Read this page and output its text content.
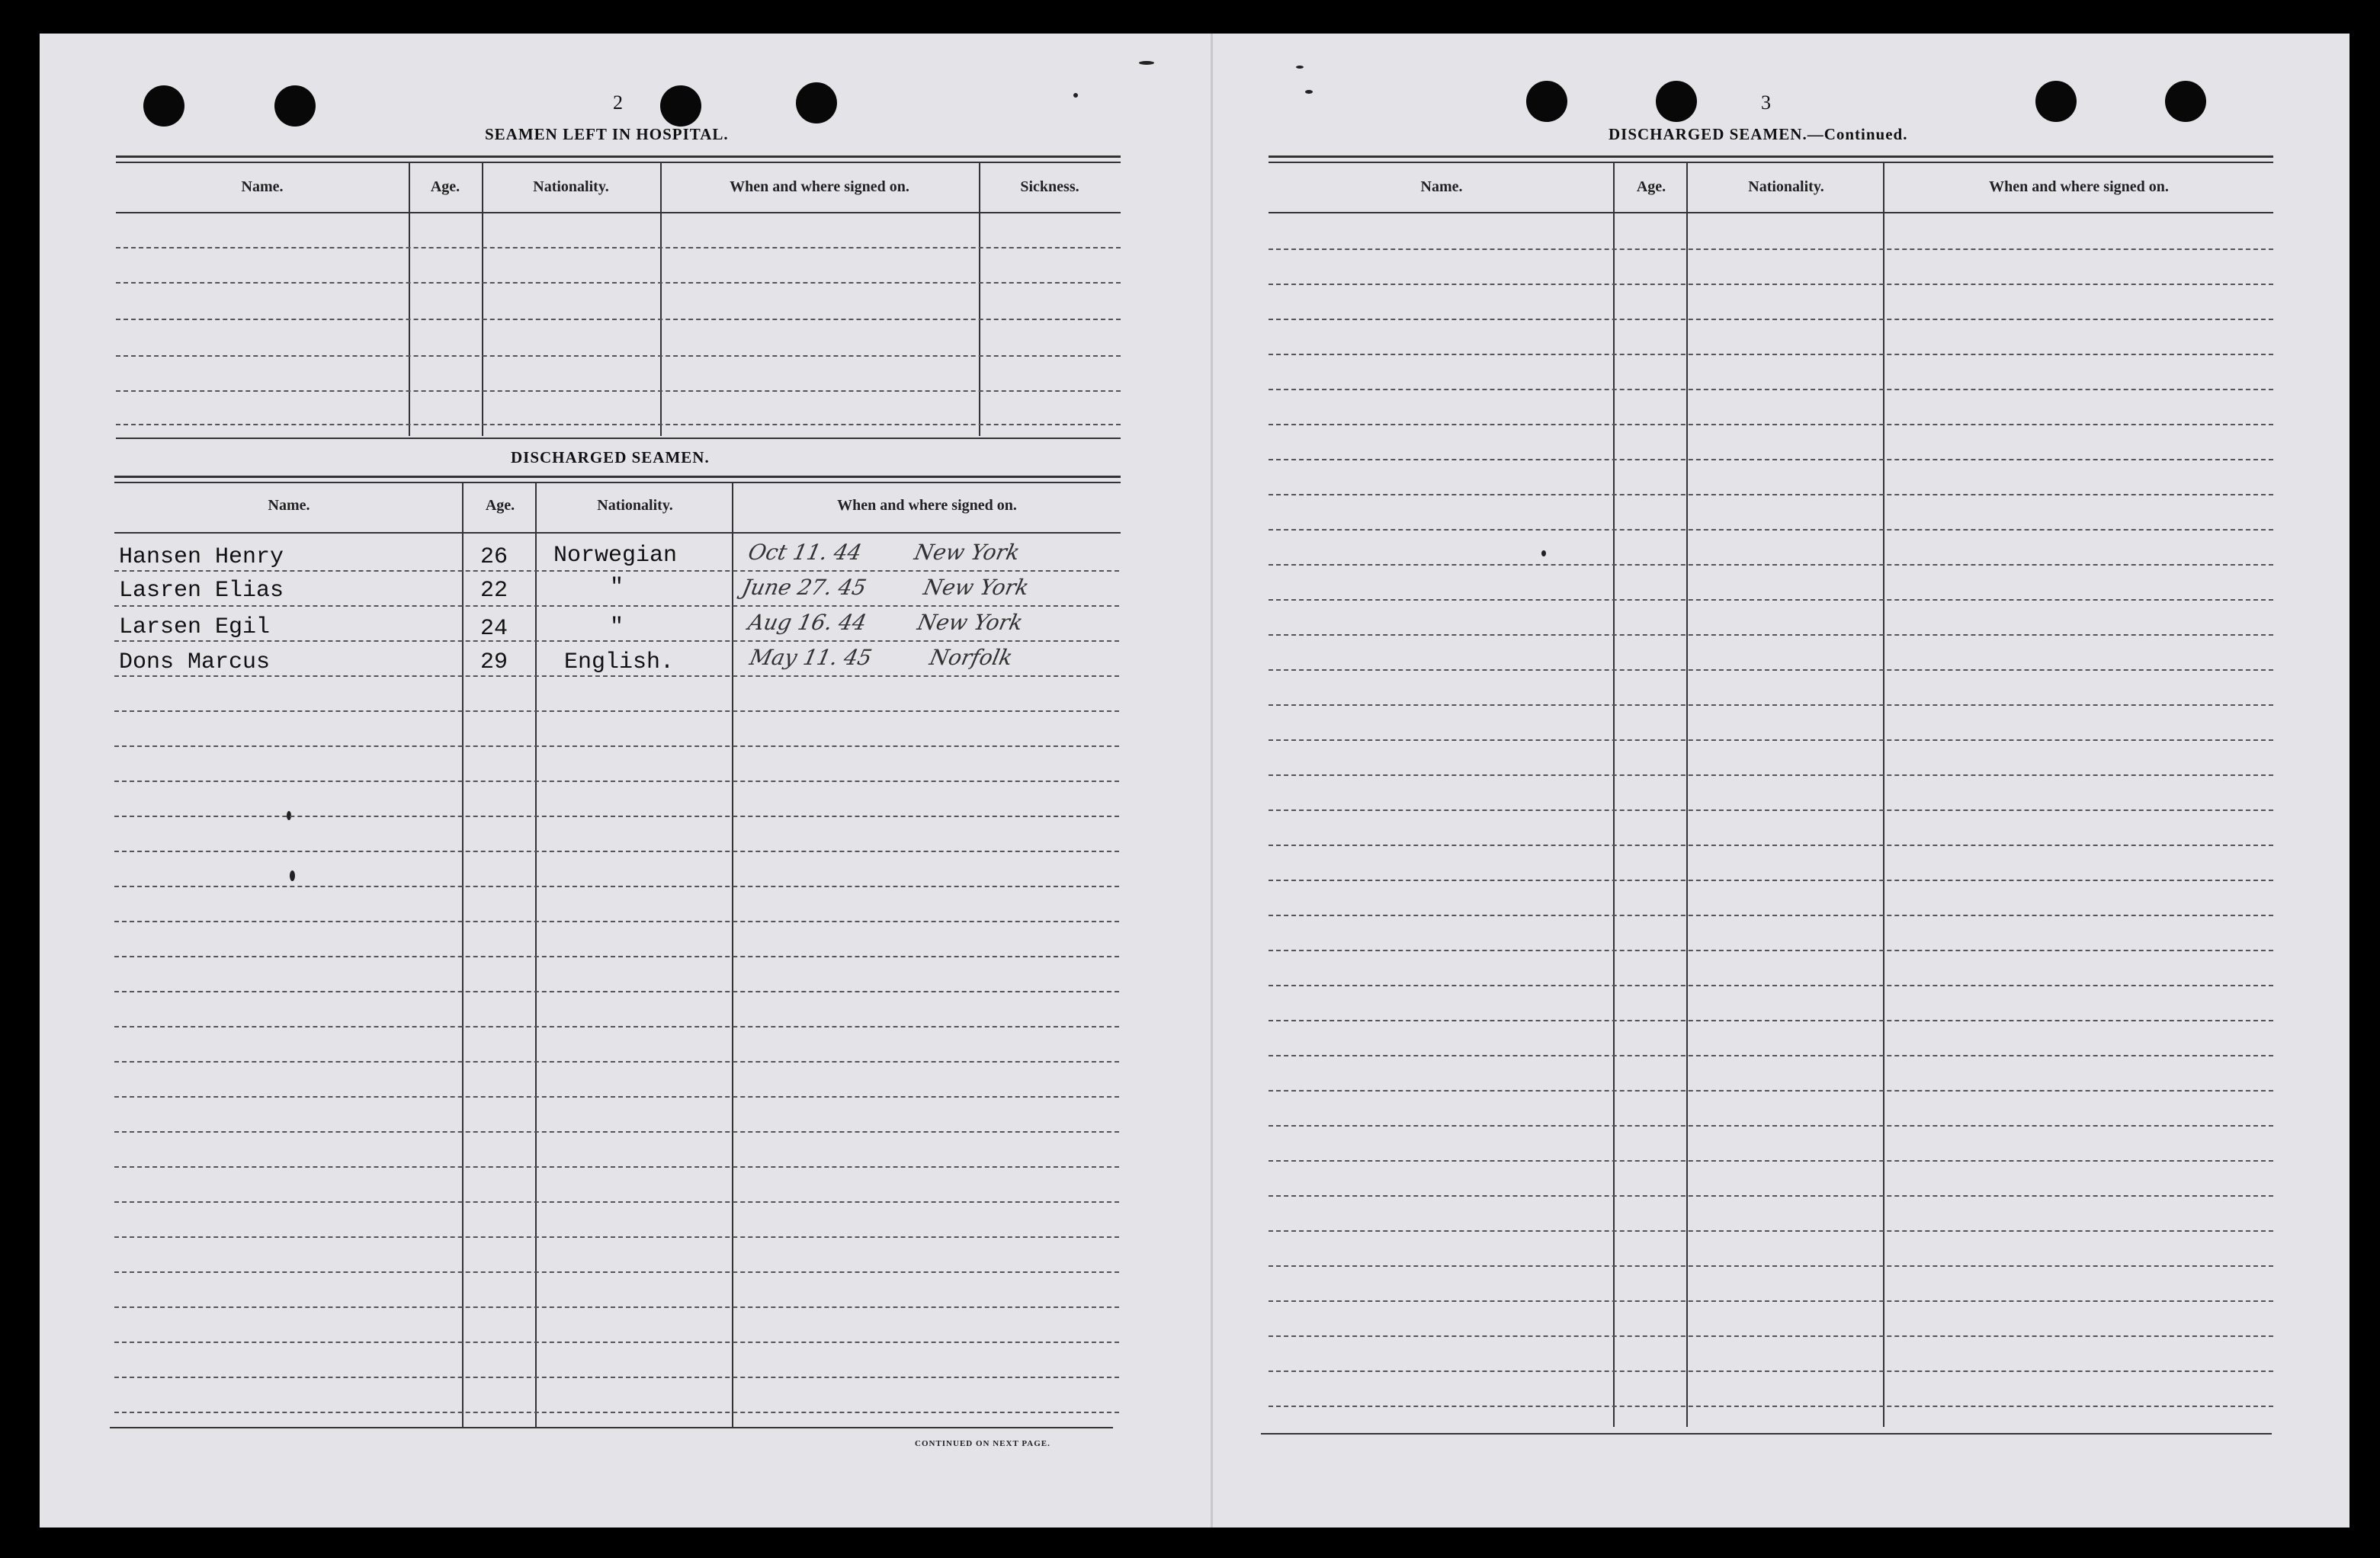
2
SEAMEN LEFT IN HOSPITAL.
Name.	Age.	Nationality.	When and where signed on.	Sickness.
DISCHARGED SEAMEN.
Name.	Age.	Nationality.	When and where signed on.
Hansen Henry	26 Norwegian	Oct 11. 44 New York
Lasren Elias	22	"	June 27. 45 New York
Larsen Egil	24	"	Aug 16. 44 New York
Dons Marcus	29 English.	May 11. 45 Norfolk
CONTINUED ON NEXT PAGE.
3
DISCHARGED SEAMEN.—Continued.
Name.	Age.	Nationality.	When and where signed on.
